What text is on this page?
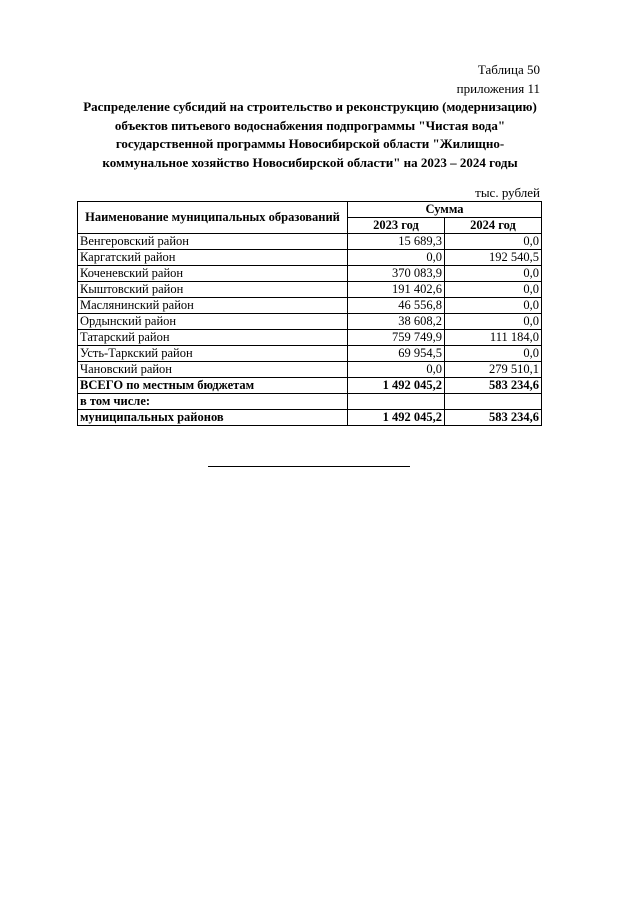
Таблица 50
приложения 11
Распределение субсидий на строительство и реконструкцию (модернизацию)
объектов питьевого водоснабжения подпрограммы "Чистая вода"
государственной программы Новосибирской области "Жилищно-
коммунальное хозяйство Новосибирской области" на 2023 – 2024 годы
тыс. рублей
Наименование муниципальных образований	Сумма	
	2023 год	2024 год
Венгеровский район	15 689,3	0,0
Каргатский район	0,0	192 540,5
Коченевский район	370 083,9	0,0
Кыштовский район	191 402,6	0,0
Маслянинский район	46 556,8	0,0
Ордынский район	38 608,2	0,0
Татарский район	759 749,9	111 184,0
Усть-Таркский район	69 954,5	0,0
Чановский район	0,0	279 510,1
ВСЕГО по местным бюджетам	1 492 045,2	583 234,6
в том числе:		
муниципальных районов	1 492 045,2	583 234,6
